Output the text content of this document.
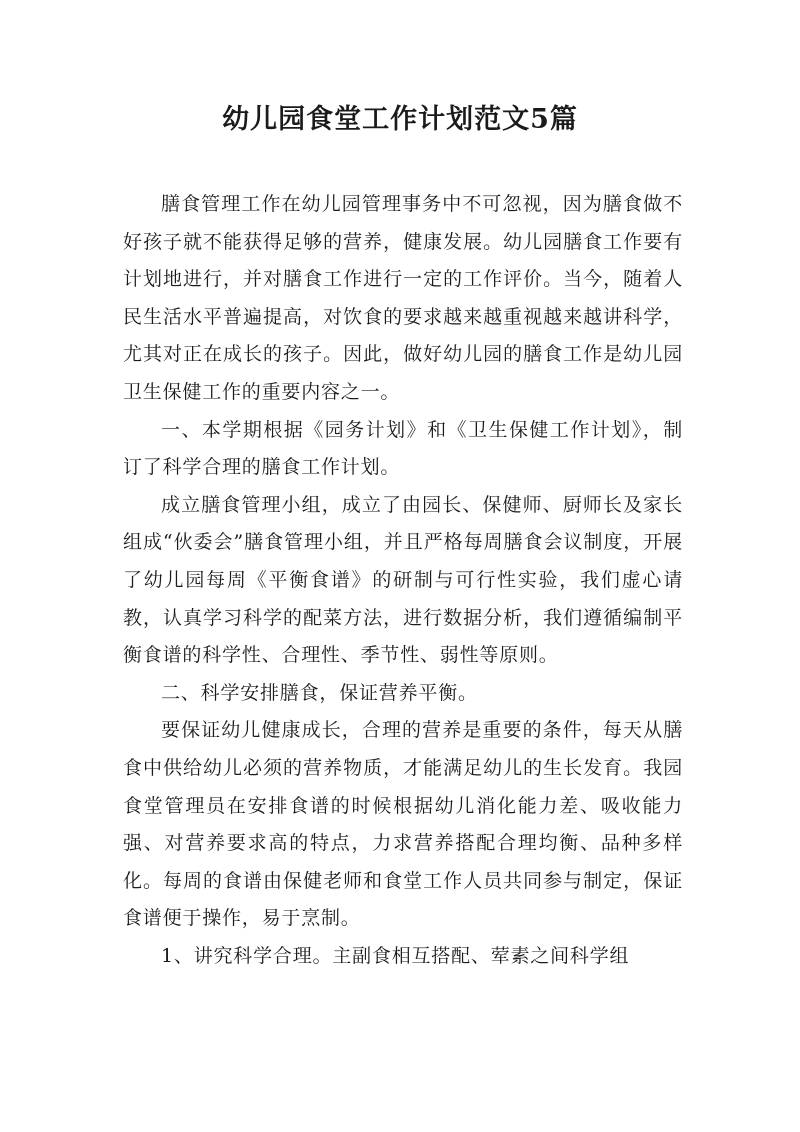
幼儿园食堂工作计划范文5篇

膳食管理工作在幼儿园管理事务中不可忽视，因为膳食做不好孩子就不能获得足够的营养，健康发展。幼儿园膳食工作要有计划地进行，并对膳食工作进行一定的工作评价。当今，随着人民生活水平普遍提高，对饮食的要求越来越重视越来越讲科学，尤其对正在成长的孩子。因此，做好幼儿园的膳食工作是幼儿园卫生保健工作的重要内容之一。

一、本学期根据《园务计划》和《卫生保健工作计划》，制订了科学合理的膳食工作计划。

成立膳食管理小组，成立了由园长、保健师、厨师长及家长组成“伙委会”膳食管理小组，并且严格每周膳食会议制度，开展了幼儿园每周《平衡食谱》的研制与可行性实验，我们虚心请教，认真学习科学的配菜方法，进行数据分析，我们遵循编制平衡食谱的科学性、合理性、季节性、弱性等原则。

二、科学安排膳食，保证营养平衡。

要保证幼儿健康成长，合理的营养是重要的条件，每天从膳食中供给幼儿必须的营养物质，才能满足幼儿的生长发育。我园食堂管理员在安排食谱的时候根据幼儿消化能力差、吸收能力强、对营养要求高的特点，力求营养搭配合理均衡、品种多样化。每周的食谱由保健老师和食堂工作人员共同参与制定，保证食谱便于操作，易于烹制。

1、讲究科学合理。主副食相互搭配、荤素之间科学组
